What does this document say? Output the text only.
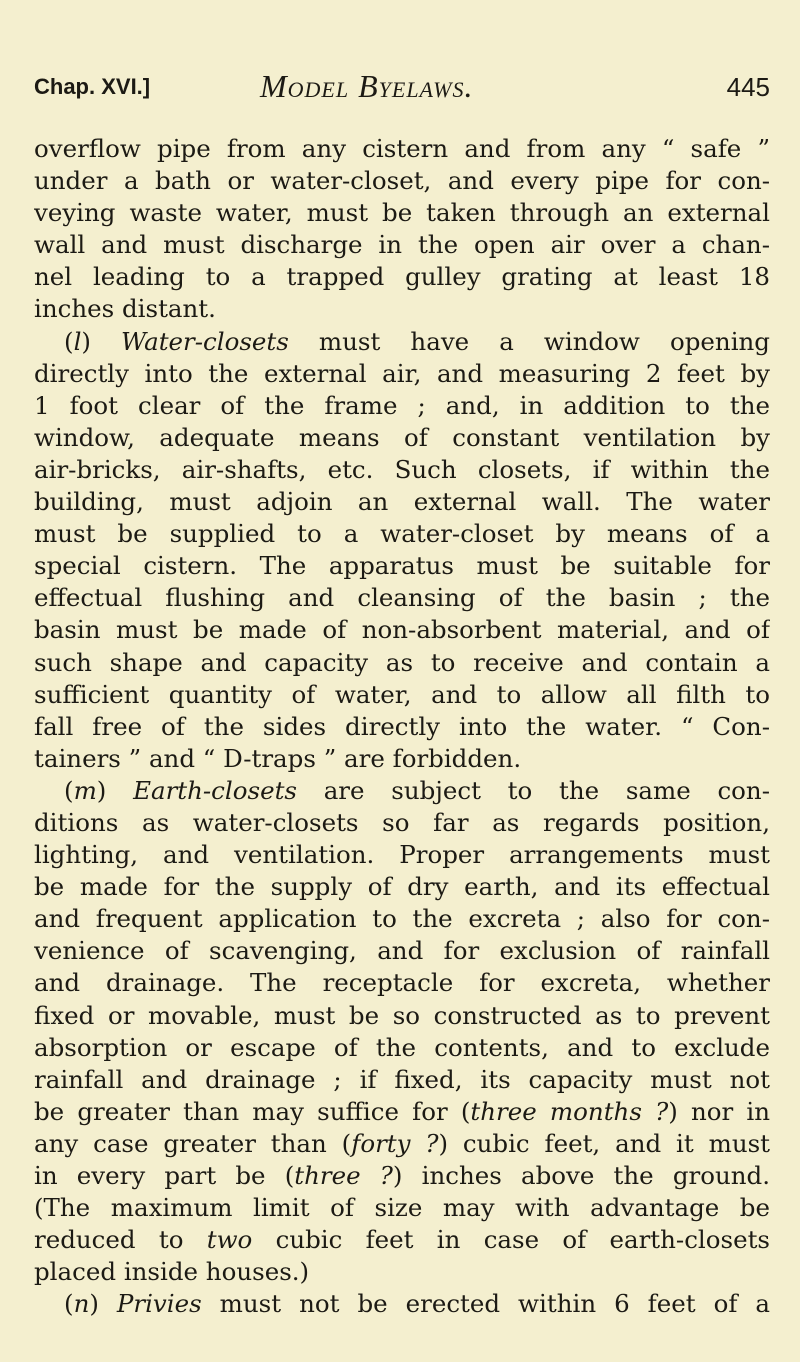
Chap. XVI.]	Model Byelaws.	445
overflow pipe from any cistern and from any “ safe ”
under a bath or water-closet, and every pipe for con-
veying waste water, must be taken through an external
wall and must discharge in the open air over a chan-
nel leading to a trapped gulley grating at least 18
inches distant.
(l) Water-closets must have a window opening
directly into the external air, and measuring 2 feet by
1 foot clear of the frame ; and, in addition to the
window, adequate means of constant ventilation by
air-bricks, air-shafts, etc. Such closets, if within the
building, must adjoin an external wall. The water
must be supplied to a water-closet by means of a
special cistern. The apparatus must be suitable for
effectual flushing and cleansing of the basin ; the
basin must be made of non-absorbent material, and of
such shape and capacity as to receive and contain a
sufficient quantity of water, and to allow all filth to
fall free of the sides directly into the water. “ Con-
tainers ” and “ D-traps ” are forbidden.
(m) Earth-closets are subject to the same con-
ditions as water-closets so far as regards position,
lighting, and ventilation. Proper arrangements must
be made for the supply of dry earth, and its effectual
and frequent application to the excreta ; also for con-
venience of scavenging, and for exclusion of rainfall
and drainage. The receptacle for excreta, whether
fixed or movable, must be so constructed as to prevent
absorption or escape of the contents, and to exclude
rainfall and drainage ; if fixed, its capacity must not
be greater than may suffice for (three months ?) nor in
any case greater than (forty ?) cubic feet, and it must
in every part be (three ?) inches above the ground.
(The maximum limit of size may with advantage be
reduced to two cubic feet in case of earth-closets
placed inside houses.)
(n) Privies must not be erected within 6 feet of a
